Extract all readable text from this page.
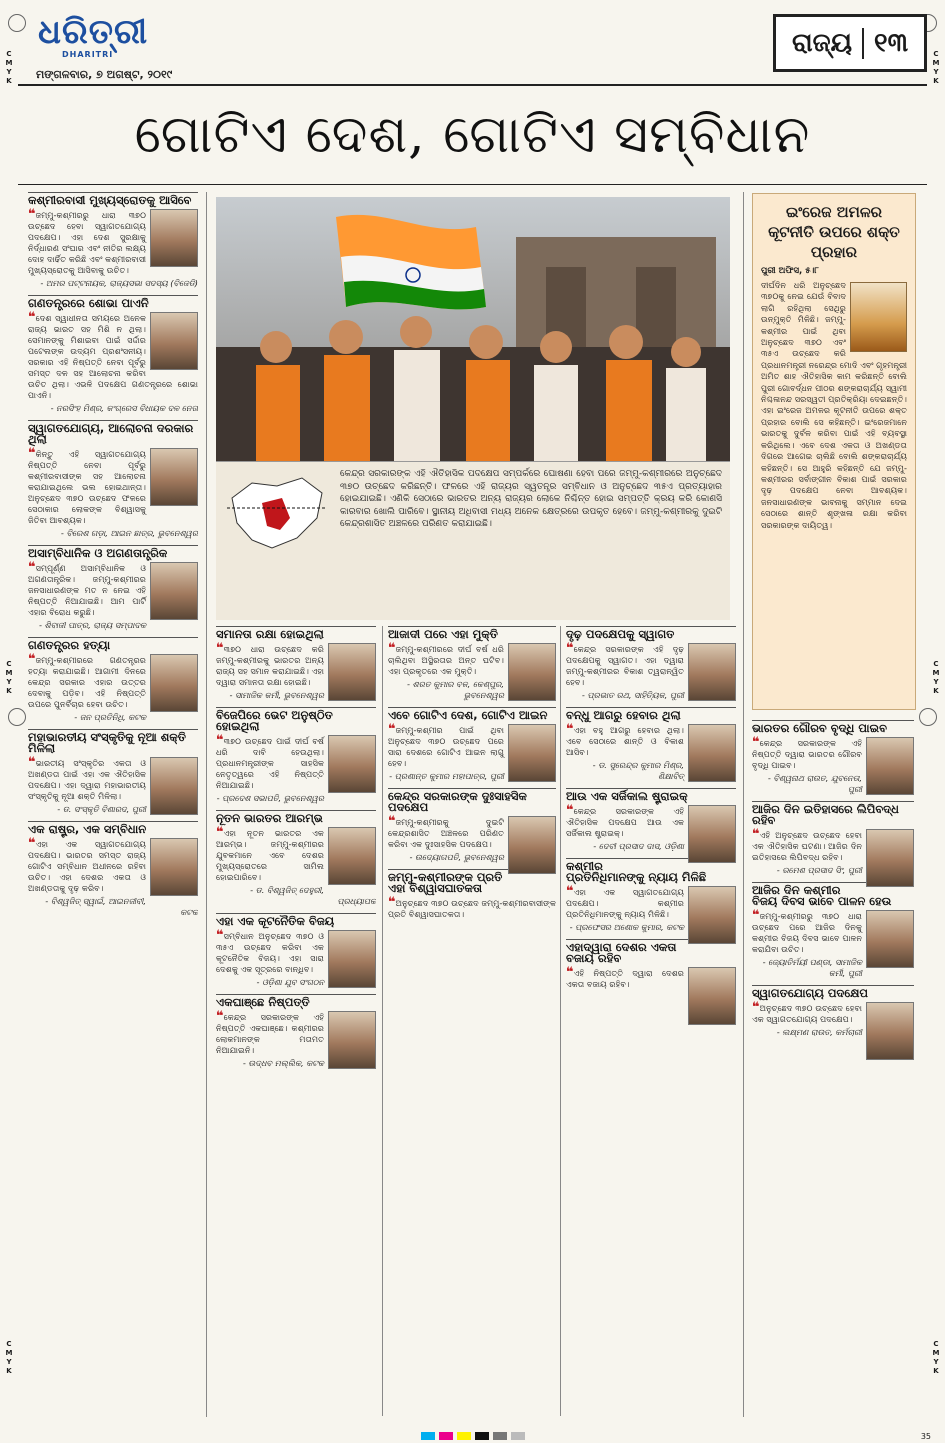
C
M
Y
K
C
M
Y
K
C
M
Y
K
C
M
Y
K
C
M
Y
K
C
M
Y
K
ଧରିତ୍ରୀ
DHARITRI
ମଙ୍ଗଳବାର, ୭ ଅଗଷ୍ଟ, ୨୦୧୯
ରାଜ୍ୟ ୧୩
ଗୋଟିଏ ଦେଶ, ଗୋଟିଏ ସମ୍ବିଧାନ

କେନ୍ଦ୍ର ସରକାରଙ୍କ ଏହି ଐତିହାସିକ ପଦକ୍ଷେପ ସମ୍ପର୍କରେ ଘୋଷଣା ହେବା ପରେ ଜମ୍ମୁ-କଶ୍ମୀରରେ ଅନୁଚ୍ଛେଦ ୩୭୦ ଉଚ୍ଛେଦ କରିଛନ୍ତି। ଫଳରେ ଏହି ରାଜ୍ୟର ସ୍ୱତନ୍ତ୍ର ସମ୍ବିଧାନ ଓ ଅନୁଚ୍ଛେଦ ୩୫ଏ ପ୍ରତ୍ୟାହାର ହୋଇଯାଇଛି। ଏଣିକି ସେଠାରେ ଭାରତର ଅନ୍ୟ ରାଜ୍ୟର ଲୋକେ ନିଶ୍ଚିନ୍ତ ହୋଇ ସମ୍ପତ୍ତି କ୍ରୟ କରି କୋଣସି କାରବାର ଖୋଲି ପାରିବେ। ସ୍ଥାନୀୟ ଅଧିବାସୀ ମଧ୍ୟ ଅନେକ କ୍ଷେତ୍ରରେ ଉପକୃତ ହେବେ। ଜମ୍ମୁ-କଶ୍ମୀରକୁ ଦୁଇଟି କେନ୍ଦ୍ରଶାସିତ ଅଞ୍ଚଳରେ ପରିଣତ କରାଯାଇଛି।

କଶ୍ମୀରବାସୀ ମୁଖ୍ୟସ୍ରୋତକୁ ଆସିବେ

❝ଜମ୍ମୁ-କଶ୍ମୀରରୁ ଧାରା ୩୭୦ ଉଚ୍ଛେଦ ହେବା ସ୍ୱାଗତଯୋଗ୍ୟ ପଦକ୍ଷେପ। ଏହା ଦେଶ ସୁରକ୍ଷାକୁ ନିର୍ଦ୍ଧାରଣ ସଂଘାର ଏବଂ ନୀତିର ଲକ୍ଷ୍ୟ ଦୋହ ଦାର୍ଢିତ କରିଛି ଏବଂ କଶ୍ମୀରବାସୀ ମୁଖ୍ୟସ୍ରୋତକୁ ଆସିବାକୁ ଉଚିତ।

- ଅମର ପଟ୍ଟନାୟକ, ରାଜ୍ୟସଭା ସଦସ୍ୟ (ବିଜେଡି)
ଗଣତନ୍ତ୍ରରେ ଶୋଭା ପାଏନି

❝ଦେଶ ସ୍ୱାଧୀନତା ସମୟରେ ଅନେକ ରାଜ୍ୟ ଭାରତ ସହ ମିଶି ନ ଥିଲା। ସେମାନଙ୍କୁ ମିଶାଇବା ପାଇଁ ସର୍ଦ୍ଦାର ପଟେଲଙ୍କ ଉଦ୍ୟମ ପ୍ରଶଂସନୀୟ। ସରକାର ଏହି ନିଷ୍ପତ୍ତି ନେବା ପୂର୍ବରୁ ସମସ୍ତ ଦଳ ସହ ଆଲୋଚନା କରିବା ଉଚିତ ଥିଲା। ଏଭଳି ପଦକ୍ଷେପ ଗଣତନ୍ତ୍ରରେ ଶୋଭା ପାଏନି।

- ନରସିଂହ ମିଶ୍ର, କଂଗ୍ରେସ ବିଧାୟକ ଦଳ ନେତା
ସ୍ୱାଗତଯୋଗ୍ୟ, ଆଲୋଚନା ଦରକାର ଥିଲା

❝କିନ୍ତୁ ଏହି ସ୍ୱାଗତଯୋଗ୍ୟ ନିଷ୍ପତ୍ତି ନେବା ପୂର୍ବରୁ କଶ୍ମୀରବାସୀଙ୍କ ସହ ଆଲୋଚନା କରାଯାଇଥିଲେ ଭଲ ହୋଇଥାନ୍ତା। ଅନୁଚ୍ଛେଦ ୩୭୦ ଉଚ୍ଛେଦ ଫଳରେ ସେଠାକାର ଲୋକଙ୍କ ବିଶ୍ୱାସକୁ ଜିତିବା ଆବଶ୍ୟକ।

- ବିରେଶ ଗଡ଼ା, ଆଇନ ଛାତ୍ର, ଭୁବନେଶ୍ୱର
ଅସାମ୍ବିଧାନିକ ଓ ଅଗଣତାନ୍ତ୍ରିକ

❝ସମ୍ପୂର୍ଣ୍ଣ ଅସାମ୍ବିଧାନିକ ଓ ଅଗଣତାନ୍ତ୍ରିକ। ଜମ୍ମୁ-କଶ୍ମୀରର ଜନସାଧାରଣଙ୍କ ମତ ନ ନେଇ ଏହି ନିଷ୍ପତ୍ତି ନିଆଯାଇଛି। ଆମ ପାର୍ଟି ଏହାର ବିରୋଧ କରୁଛି।

- ଶିବାଜୀ ପାତ୍ର, ରାଜ୍ୟ ସମ୍ପାଦକ
ଗଣତନ୍ତ୍ରର ହତ୍ୟା

❝ଜମ୍ମୁ-କଶ୍ମୀରରେ ଗଣତନ୍ତ୍ରର ହତ୍ୟା କରାଯାଇଛି। ଆଗାମୀ ଦିନରେ କେନ୍ଦ୍ର ସରକାର ଏହାର ଉତ୍ତର ଦେବାକୁ ପଡ଼ିବ। ଏହି ନିଷ୍ପତ୍ତି ଉପରେ ପୁନର୍ବିଚାର ହେବା ଉଚିତ।

- ଜନ ପ୍ରତିନିଧି, କଟକ
ମହାଭାରତୀୟ ସଂସ୍କୃତିକୁ ନୂଆ ଶକ୍ତି ମିଳିଲା

❝ଭାରତୀୟ ସଂସ୍କୃତିର ଏକତା ଓ ଅଖଣ୍ଡତା ପାଇଁ ଏହା ଏକ ଐତିହାସିକ ପଦକ୍ଷେପ। ଏହା ଦ୍ୱାରା ମହାଭାରତୀୟ ସଂସ୍କୃତିକୁ ନୂଆ ଶକ୍ତି ମିଳିଲା।

- ଡ. ସଂସ୍କୃତି ବିଶାରଦ, ପୁରୀ
ଏକ ରାଷ୍ଟ୍ର, ଏକ ସମ୍ବିଧାନ

❝ଏହା ଏକ ସ୍ୱାଗତଯୋଗ୍ୟ ପଦକ୍ଷେପ। ଭାରତର ସମସ୍ତ ରାଜ୍ୟ ଗୋଟିଏ ସମ୍ବିଧାନ ଅଧୀନରେ ରହିବା ଉଚିତ। ଏହା ଦେଶର ଏକତା ଓ ଅଖଣ୍ଡତାକୁ ଦୃଢ଼ କରିବ।

- ବିଶ୍ୱଜିତ୍ ସ୍ୱାଇଁ, ଆଇନଜୀବୀ, କଟକ
ସମାନତା ରକ୍ଷା ହୋଇଥିଲା

❝୩୭୦ ଧାରା ଉଚ୍ଛେଦ କରି ଜମ୍ମୁ-କଶ୍ମୀରକୁ ଭାରତର ଅନ୍ୟ ରାଜ୍ୟ ସହ ସମାନ କରାଯାଇଛି। ଏହା ଦ୍ୱାରା ସମାନତା ରକ୍ଷା ହୋଇଛି।

- ସାମାଜିକ କର୍ମୀ, ଭୁବନେଶ୍ୱର
ବିଜେପିରେ ଭେଟ ଅନୁଷ୍ଠିତ ହୋଇଥିଲା

❝୩୭୦ ଉଚ୍ଛେଦ ପାଇଁ ଦୀର୍ଘ ବର୍ଷ ଧରି ଦାବି ହେଉଥିଲା। ପ୍ରଧାନମନ୍ତ୍ରୀଙ୍କ ସାହସିକ ନେତୃତ୍ୱରେ ଏହି ନିଷ୍ପତ୍ତି ନିଆଯାଇଛି।

- ପ୍ରଦେଶ ସଭାପତି, ଭୁବନେଶ୍ୱର
ନୂତନ ଭାରତର ଆରମ୍ଭ

❝ଏହା ନୂତନ ଭାରତର ଏକ ଆରମ୍ଭ। ଜମ୍ମୁ-କଶ୍ମୀରର ଯୁବକମାନେ ଏବେ ଦେଶର ମୁଖ୍ୟସ୍ରୋତରେ ସାମିଲ ହୋଇପାରିବେ।

- ଡ. ବିଶ୍ୱଜିତ୍ ଦେହୁରୀ, ପ୍ରଧ୍ୟାପକ
ଏହା ଏକ କୂଟନୈତିକ ବିଜୟ

❝ସମ୍ବିଧାନ ଅନୁଚ୍ଛେଦ ୩୭୦ ଓ ୩୫ଏ ଉଚ୍ଛେଦ କରିବା ଏକ କୂଟନୈତିକ ବିଜୟ। ଏହା ସାରା ଦେଶକୁ ଏକ ସୂତ୍ରରେ ବାନ୍ଧିବ।

- ଓଡ଼ିଶା ଯୁବ ସଂଗଠନ
ଏକଘାଞ୍ଛେ ନିଷ୍ପତ୍ତି

❝କେନ୍ଦ୍ର ସରକାରଙ୍କ ଏହି ନିଷ୍ପତ୍ତି ଏକଘାଞ୍ଛେ। କଶ୍ମୀରର ଲୋକମାନଙ୍କ ମତାମତ ନିଆଯାଇନି।

- ଉଦ୍ଧବ ମଲ୍ଲିକ, କଟକ
ଆଜାଦୀ ପରେ ଏହା ମୁକ୍ତି

❝ଜମ୍ମୁ-କଶ୍ମୀରରେ ଦୀର୍ଘ ବର୍ଷ ଧରି ଚାଲିଥିବା ଅସ୍ଥିରତାର ଅନ୍ତ ଘଟିବ। ଏହା ପ୍ରକୃତରେ ଏକ ମୁକ୍ତି।

- ଶରତ କୁମାର ବଳ, କେଶ୍ପୁର, ଭୁବନେଶ୍ୱର
ଏବେ ଗୋଟିଏ ଦେଶ, ଗୋଟିଏ ଆଇନ

❝ଜମ୍ମୁ-କଶ୍ମୀର ପାଇଁ ଥିବା ଅନୁଚ୍ଛେଦ ୩୭୦ ଉଚ୍ଛେଦ ପରେ ସାରା ଦେଶରେ ଗୋଟିଏ ଆଇନ ଲାଗୁ ହେବ।

- ପ୍ରଶାନ୍ତ କୁମାର ମହାପାତ୍ର, ପୁରୀ
କେନ୍ଦ୍ର ସରକାରଙ୍କ ଦୁଃସାହସିକ ପଦକ୍ଷେପ

❝ଜମ୍ମୁ-କଶ୍ମୀରକୁ ଦୁଇଟି କେନ୍ଦ୍ରଶାସିତ ଅଞ୍ଚଳରେ ପରିଣତ କରିବା ଏକ ଦୁଃସାହସିକ ପଦକ୍ଷେପ।

- ଉଦ୍ୟୋଗପତି, ଭୁବନେଶ୍ୱର
ଜମ୍ମୁ-କଶ୍ମୀରଙ୍କ ପ୍ରତି ଏହା ବିଶ୍ୱାସଘାତକତା

❝ଅନୁଚ୍ଛେଦ ୩୭୦ ଉଚ୍ଛେଦ ଜମ୍ମୁ-କଶ୍ମୀରବାସୀଙ୍କ ପ୍ରତି ବିଶ୍ୱାସଘାତକତା।

ଦୃଢ଼ ପଦକ୍ଷେପକୁ ସ୍ୱାଗତ

❝କେନ୍ଦ୍ର ସରକାରଙ୍କ ଏହି ଦୃଢ଼ ପଦକ୍ଷେପକୁ ସ୍ୱାଗତ। ଏହା ଦ୍ୱାରା ଜମ୍ମୁ-କଶ୍ମୀରର ବିକାଶ ତ୍ୱରାନ୍ୱିତ ହେବ।

- ପ୍ରଭାତ ରଥ, ସାହିତ୍ୟିକ, ପୁରୀ
ବନ୍ଧୁ ଆଗରୁ ହେବାର ଥିଲା

❝ଏହା ବହୁ ଆଗରୁ ହେବାର ଥିଲା। ଏବେ ସେଠାରେ ଶାନ୍ତି ଓ ବିକାଶ ଆସିବ।

- ଡ. ସୁରେନ୍ଦ୍ର କୁମାର ମିଶ୍ର, ଶିକ୍ଷାବିତ୍
ଆଉ ଏକ ସର୍ଜିକାଲ ଷ୍ଟ୍ରାଇକ୍

❝କେନ୍ଦ୍ର ସରକାରଙ୍କ ଏହି ଐତିହାସିକ ପଦକ୍ଷେପ ଆଉ ଏକ ସର୍ଜିକାଲ ଷ୍ଟ୍ରାଇକ୍।

- ଦେବୀ ପ୍ରସାଦ ଦାସ, ଓଡ଼ିଶା
କଶ୍ମୀର ପ୍ରତିନିଧିମାନଙ୍କୁ ନ୍ୟାୟ ମିଳିଛି

❝ଏହା ଏକ ସ୍ୱାଗତଯୋଗ୍ୟ ପଦକ୍ଷେପ। କଶ୍ମୀର ପ୍ରତିନିଧିମାନଙ୍କୁ ନ୍ୟାୟ ମିଳିଛି।

- ପ୍ରଫେସର ଅଶୋକ କୁମାର, କଟକ
ଏହାଦ୍ୱାରା ଦେଶର ଏକତା ବଜାୟ ରହିବ

❝ଏହି ନିଷ୍ପତ୍ତି ଦ୍ୱାରା ଦେଶର ଏକତା ବଜାୟ ରହିବ।

ଇଂରେଜ ଅମଳର କୂଟନୀତି ଉପରେ ଶକ୍ତ ପ୍ରହାର
ପୁରୀ ଅଫିସ, ୫।୮

ଦୀର୍ଘଦିନ ଧରି ଅନୁଚ୍ଛେଦ ୩୭୦କୁ ନେଇ ଯେଉଁ ବିବାଦ ଲାଗି ରହିଥିଲା ସେଥିରୁ ଉନ୍ମୁକ୍ତି ମିଳିଛି। ଜମ୍ମୁ-କଶ୍ମୀର ପାଇଁ ଥିବା ଅନୁଚ୍ଛେଦ ୩୭୦ ଏବଂ ୩୫ଏ ଉଚ୍ଛେଦ କରି ପ୍ରଧାନମନ୍ତ୍ରୀ ନରେନ୍ଦ୍ର ମୋଦି ଏବଂ ଗୃହମନ୍ତ୍ରୀ ଅମିତ ଶାହ ଐତିହାସିକ କାମ କରିଛନ୍ତି ବୋଲି ପୁରୀ ଗୋବର୍ଦ୍ଧନ ପୀଠର ଶଙ୍କରାଚାର୍ଯ୍ୟ ସ୍ୱାମୀ ନିଶ୍ଚଳାନନ୍ଦ ସରସ୍ୱତୀ ପ୍ରତିକ୍ରିୟା ଦେଇଛନ୍ତି। ଏହା ଇଂରେଜ ଅମଳର କୂଟନୀତି ଉପରେ ଶକ୍ତ ପ୍ରହାର ବୋଲି ସେ କହିଛନ୍ତି। ଇଂରେଜମାନେ ଭାରତକୁ ଦୁର୍ବଳ କରିବା ପାଇଁ ଏହି ବ୍ୟବସ୍ଥା କରିଥିଲେ। ଏବେ ଦେଶ ଏକତା ଓ ଅଖଣ୍ଡତା ଦିଗରେ ଆଗେଇ ଚାଲିଛି ବୋଲି ଶଙ୍କରାଚାର୍ଯ୍ୟ କହିଛନ୍ତି। ସେ ଆହୁରି କହିଛନ୍ତି ଯେ ଜମ୍ମୁ-କଶ୍ମୀରର ସର୍ବାଙ୍ଗୀନ ବିକାଶ ପାଇଁ ସରକାର ଦୃଢ଼ ପଦକ୍ଷେପ ନେବା ଆବଶ୍ୟକ। ଜନସାଧାରଣଙ୍କ ଭାବନାକୁ ସମ୍ମାନ ଦେଇ ସେଠାରେ ଶାନ୍ତି ଶୃଙ୍ଖଳା ରକ୍ଷା କରିବା ସରକାରଙ୍କ ଦାୟିତ୍ୱ।

ଭାରତର ଗୌରବ ବୃଦ୍ଧି ପାଇବ

❝କେନ୍ଦ୍ର ସରକାରଙ୍କ ଏହି ନିଷ୍ପତ୍ତି ଦ୍ୱାରା ଭାରତର ଗୌରବ ବୃଦ୍ଧି ପାଇବ।

- ବିଶ୍ୱନାଥ ରାଉତ, ଯୁବନେତା, ପୁରୀ
ଆଜିର ଦିନ ଇତିହାସରେ ଲିପିବଦ୍ଧ ରହିବ

❝ଏହି ଅନୁଚ୍ଛେଦ ଉଚ୍ଛେଦ ହେବା ଏକ ଐତିହାସିକ ଘଟଣା। ଆଜିର ଦିନ ଇତିହାସରେ ଲିପିବଦ୍ଧ ରହିବ।

- ରମେଶ ପ୍ରସାଦ ସିଂ, ପୁରୀ
ଆଜିର ଦିନ କଶ୍ମୀର ବିଜୟ ଦିବସ ଭାବେ ପାଳନ ହେଉ

❝ଜମ୍ମୁ-କଶ୍ମୀରରୁ ୩୭୦ ଧାରା ଉଚ୍ଛେଦ ପରେ ଆଜିର ଦିନକୁ କଶ୍ମୀର ବିଜୟ ଦିବସ ଭାବେ ପାଳନ କରାଯିବା ଉଚିତ।

- ଜ୍ୟୋତିର୍ମୟୀ ପଣ୍ଡା, ସାମାଜିକ କର୍ମୀ, ପୁରୀ
ସ୍ୱାଗତଯୋଗ୍ୟ ପଦକ୍ଷେପ

❝ଅନୁଚ୍ଛେଦ ୩୭୦ ଉଚ୍ଛେଦ ହେବା ଏକ ସ୍ୱାଗତଯୋଗ୍ୟ ପଦକ୍ଷେପ।

- ଲକ୍ଷ୍ମଣ ରାଉତ, କର୍ମଚାରୀ
35
